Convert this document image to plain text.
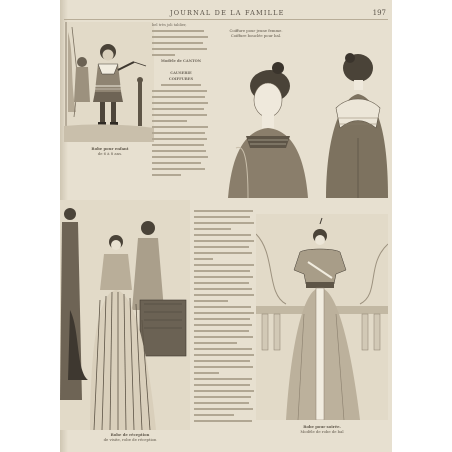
JOURNAL DE LA FAMILLE	197
Robe pour enfant
de 6 à 8 ans.
bel très joli tablier,
Modèle de CANTON
CAUSERIE
COIFFURES
Coiffure pour jeune femme.
Coiffure bouclée pour bal.
Robe de réception
de visite, robe de réception
Robe pour soirée.
Modèle de robe de bal
